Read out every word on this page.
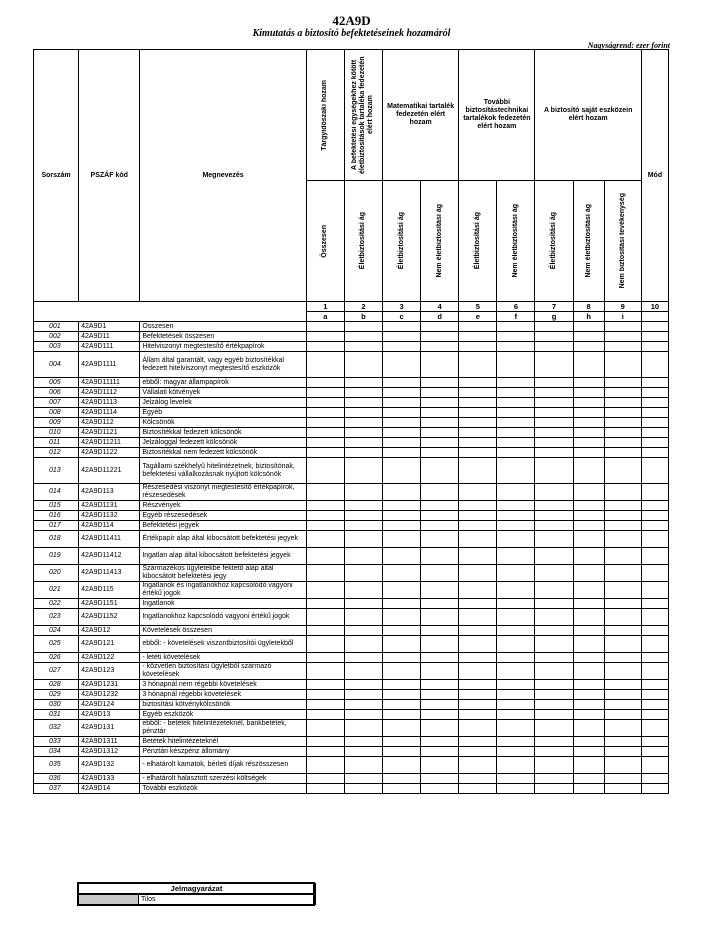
42A9D
Kimutatás a biztosító befektetéseinek hozamáról
Nagyságrend: ezer forint
Sorszám	PSZÁF kód	Megnevezés	Tárgyidőszaki hozam	A befektetési egységekhez kötött életbiztosítások tartaléka fedezetén elért hozam	Matematikai tartalék fedezetén elért hozam		További biztosítástechnikai tartalékok fedezetén elért hozam		A biztosító saját eszközein elért hozam			Mód

			Összesen	Életbiztosítási ág	Életbiztosítási ág	Nem életbiztosítási ág	Életbiztosítási ág	Nem életbiztosítási ág	Életbiztosítási ág	Nem életbiztosítási ág	Nem biztosítási tevékenység	

			1	2	3	4	5	6	7	8	9	10
			a	b	c	d	e	f	g	h	i	
001	42A9D1	Összesen										
002	42A9D11	Befektetések összesen										
003	42A9D111	Hitelviszonyt megtestesítő értékpapírok										
004	42A9D1111	Állam által garantált, vagy egyéb biztosítékkal fedezett hitelviszonyt megtestesítő eszközök										
005	42A9D11111	ebből: magyar állampapírok										
006	42A9D1112	Vállalati kötvények										
007	42A9D1113	Jelzálog levelek										
008	42A9D1114	Egyéb										
009	42A9D112	Kölcsönök										
010	42A9D1121	Biztosítékkal fedezett kölcsönök										
011	42A9D11211	Jelzáloggal fedezett kölcsönök										
012	42A9D1122	Biztosítékkal nem fedezett kölcsönök										
013	42A9D11221	Tagállami székhelyű hitelintézetnek, biztosítónak, befektetési vállalkozásnak nyújtott kölcsönök										
014	42A9D113	Részesedési viszonyt megtestesítő értékpapírok, részesedések										
015	42A9D1131	Részvények										
016	42A9D1132	Egyéb részesedések										
017	42A9D114	Befektetési jegyek										
018	42A9D11411	Értékpapír alap által kibocsátott befektetési jegyek										
019	42A9D11412	Ingatlan alap által kibocsátott befektetési jegyek										
020	42A9D11413	Származékos ügyletekbe fektető alap által kibocsátott befektetési jegy										
021	42A9D115	Ingatlanok és ingatlanokhoz kapcsolódó vagyoni értékű jogok										
022	42A9D1151	Ingatlanok										
023	42A9D1152	Ingatlanokhoz kapcsolódó vagyoni értékű jogok										
024	42A9D12	Követelések összesen										
025	42A9D121	ebből: - követelések viszontbiztosítói ügyletekből										
026	42A9D122	- letéti követelések										
027	42A9D123	- közvetlen biztosítási ügyletből származó követelések										
028	42A9D1231	3 hónapnál nem régebbi követelések										
029	42A9D1232	3 hónapnál régebbi követelések										
030	42A9D124	biztosítási kötvénykölcsönök										
031	42A9D13	Egyéb eszközök										
032	42A9D131	ebből: - betétek hitelintézeteknél, bankbetétek, pénztár										
033	42A9D1311	Betétek hitelintézeteknél										
034	42A9D1312	Pénztári készpénz állomány										
035	42A9D132	- elhatárolt kamatok, bérleti díjak részösszesen										
036	42A9D133	- elhatárolt halasztott szerzési költségek										
037	42A9D14	További eszközök										
Jelmagyarázat
	Tilos
